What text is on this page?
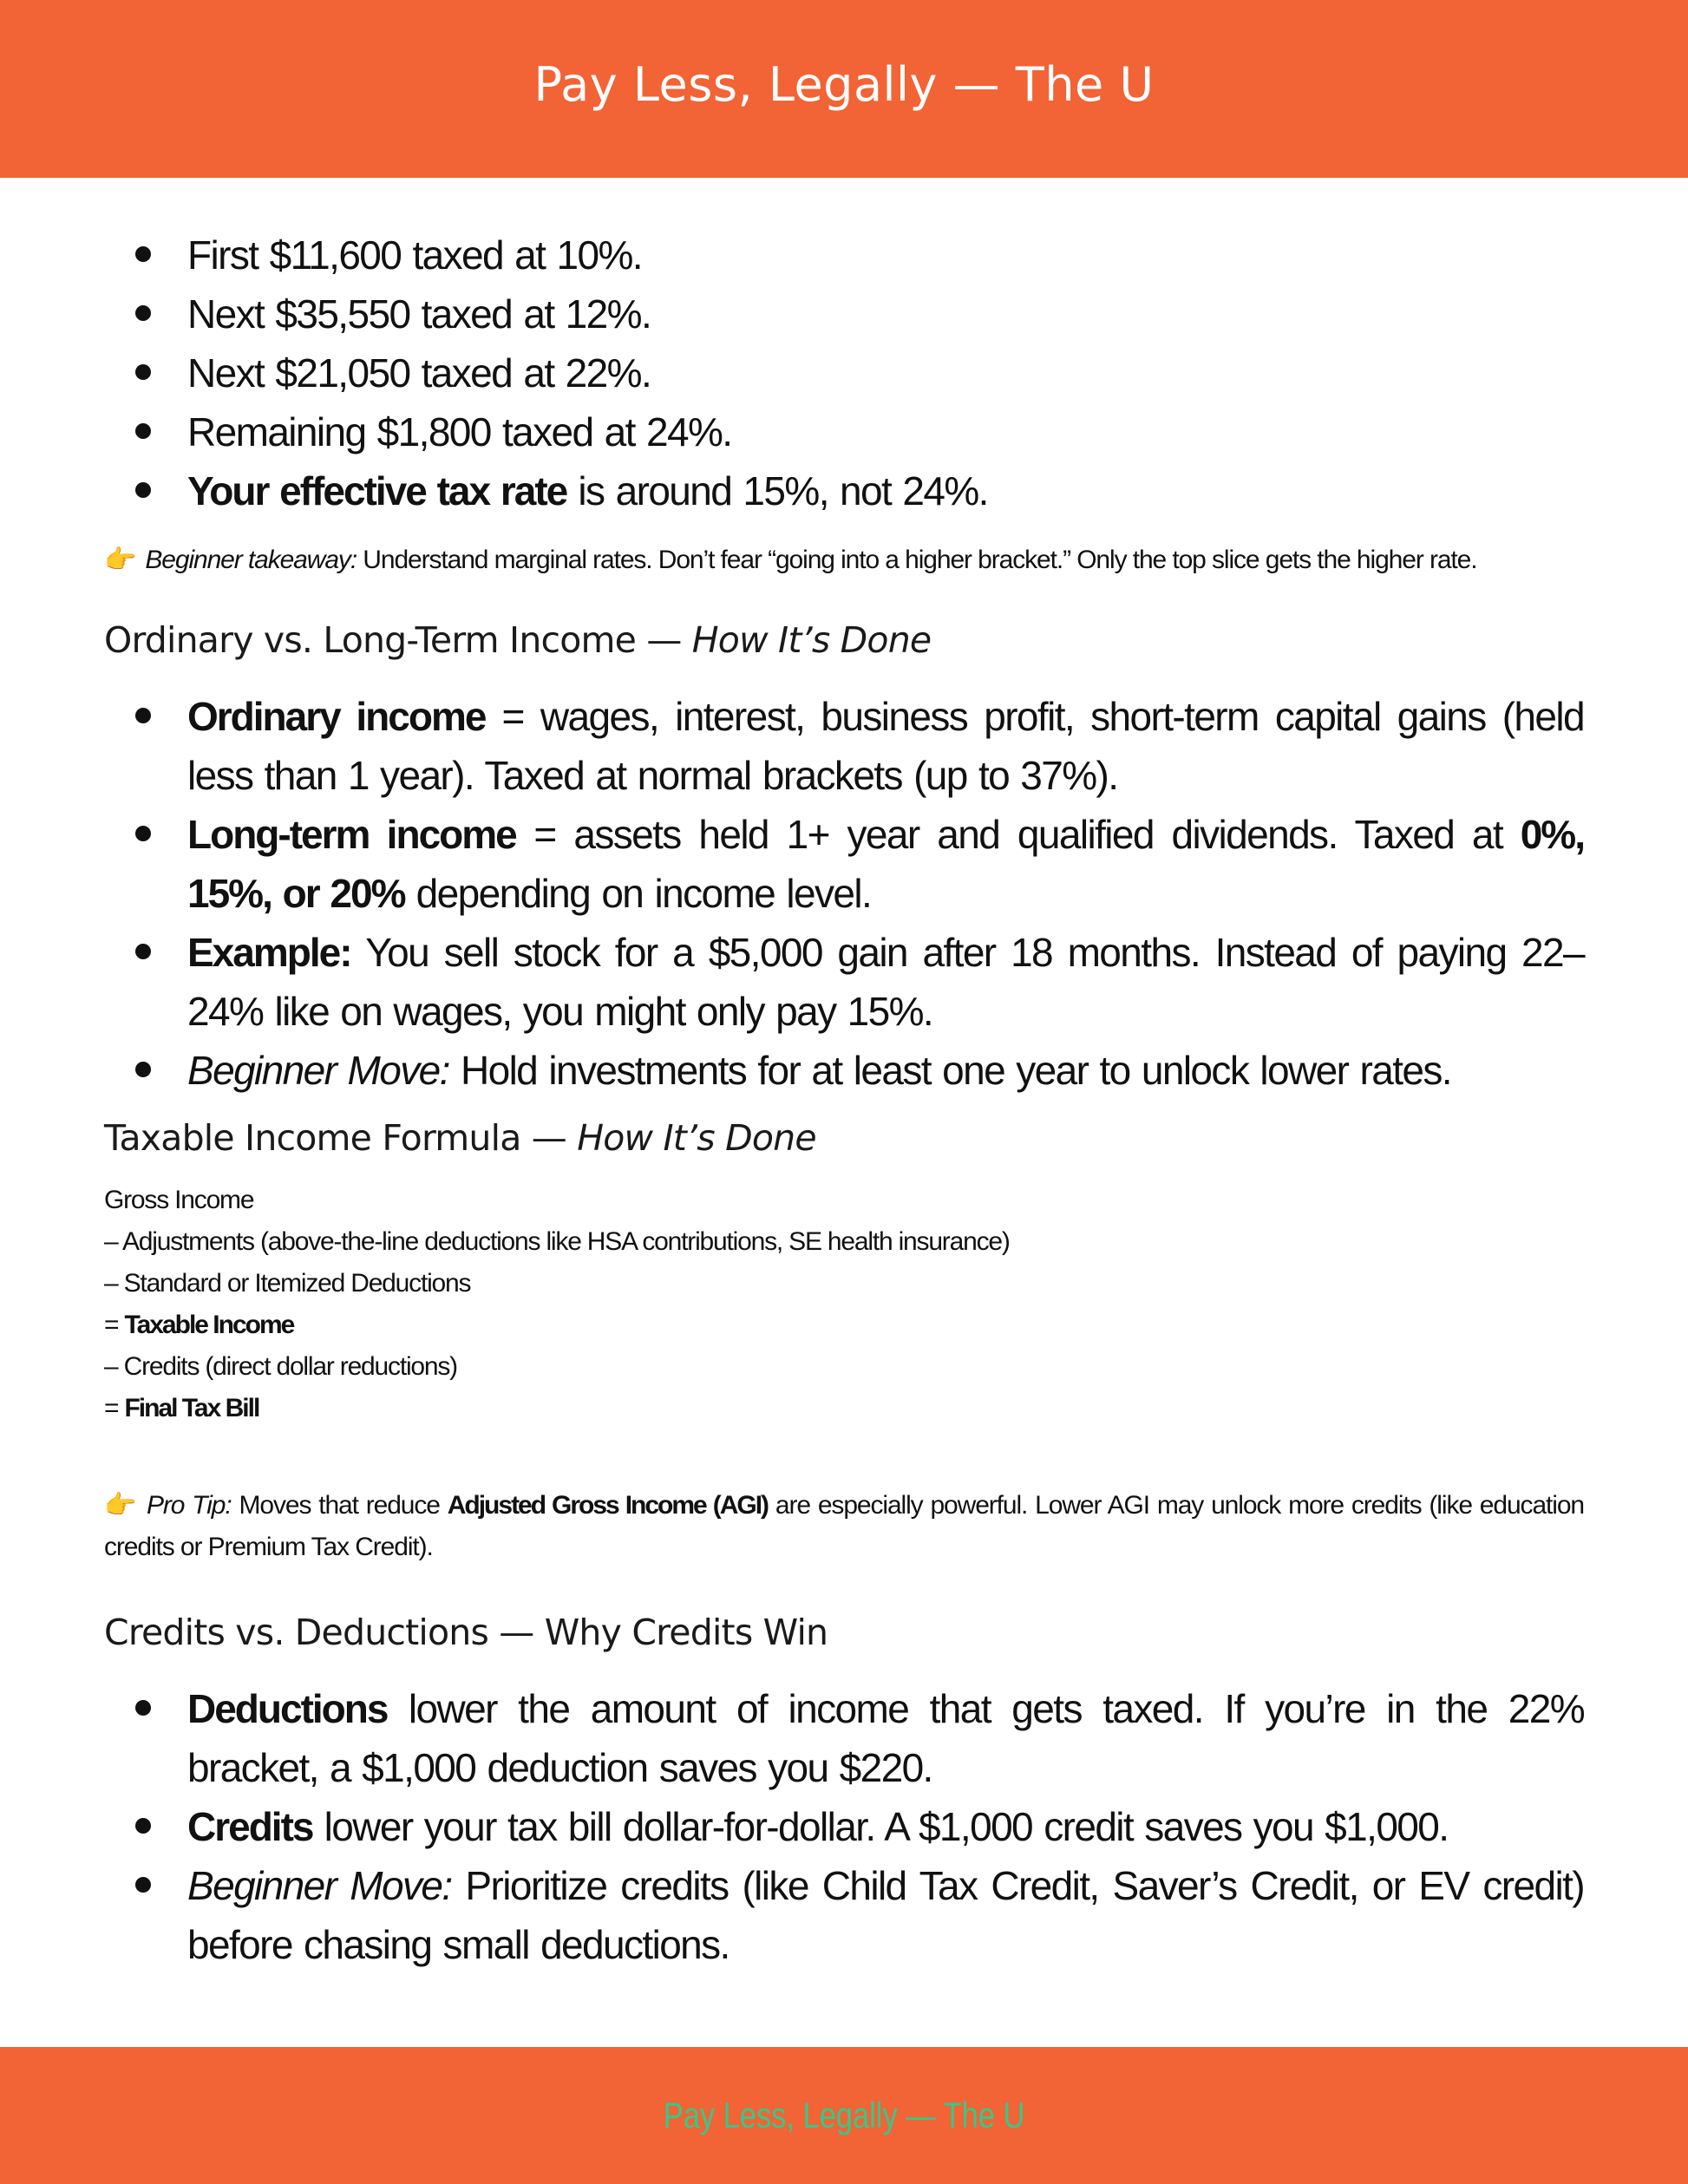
Pay Less, Legally — The U
First $11,600 taxed at 10%.
Next $35,550 taxed at 12%.
Next $21,050 taxed at 22%.
Remaining $1,800 taxed at 24%.
Your effective tax rate is around 15%, not 24%.
👉 Beginner takeaway: Understand marginal rates. Don’t fear “going into a higher bracket.” Only the top slice gets the higher rate.
Ordinary vs. Long-Term Income — How It’s Done
Ordinary income = wages, interest, business profit, short-term capital gains (held less than 1 year). Taxed at normal brackets (up to 37%).
Long-term income = assets held 1+ year and qualified dividends. Taxed at 0%, 15%, or 20% depending on income level.
Example: You sell stock for a $5,000 gain after 18 months. Instead of paying 22–24% like on wages, you might only pay 15%.
Beginner Move: Hold investments for at least one year to unlock lower rates.
Taxable Income Formula — How It’s Done
Gross Income
– Adjustments (above-the-line deductions like HSA contributions, SE health insurance)
– Standard or Itemized Deductions
= Taxable Income
– Credits (direct dollar reductions)
= Final Tax Bill
👉 Pro Tip: Moves that reduce Adjusted Gross Income (AGI) are especially powerful. Lower AGI may unlock more credits (like education credits or Premium Tax Credit).
Credits vs. Deductions — Why Credits Win
Deductions lower the amount of income that gets taxed. If you’re in the 22% bracket, a $1,000 deduction saves you $220.
Credits lower your tax bill dollar-for-dollar. A $1,000 credit saves you $1,000.
Beginner Move: Prioritize credits (like Child Tax Credit, Saver’s Credit, or EV credit) before chasing small deductions.
Pay Less, Legally — The U
